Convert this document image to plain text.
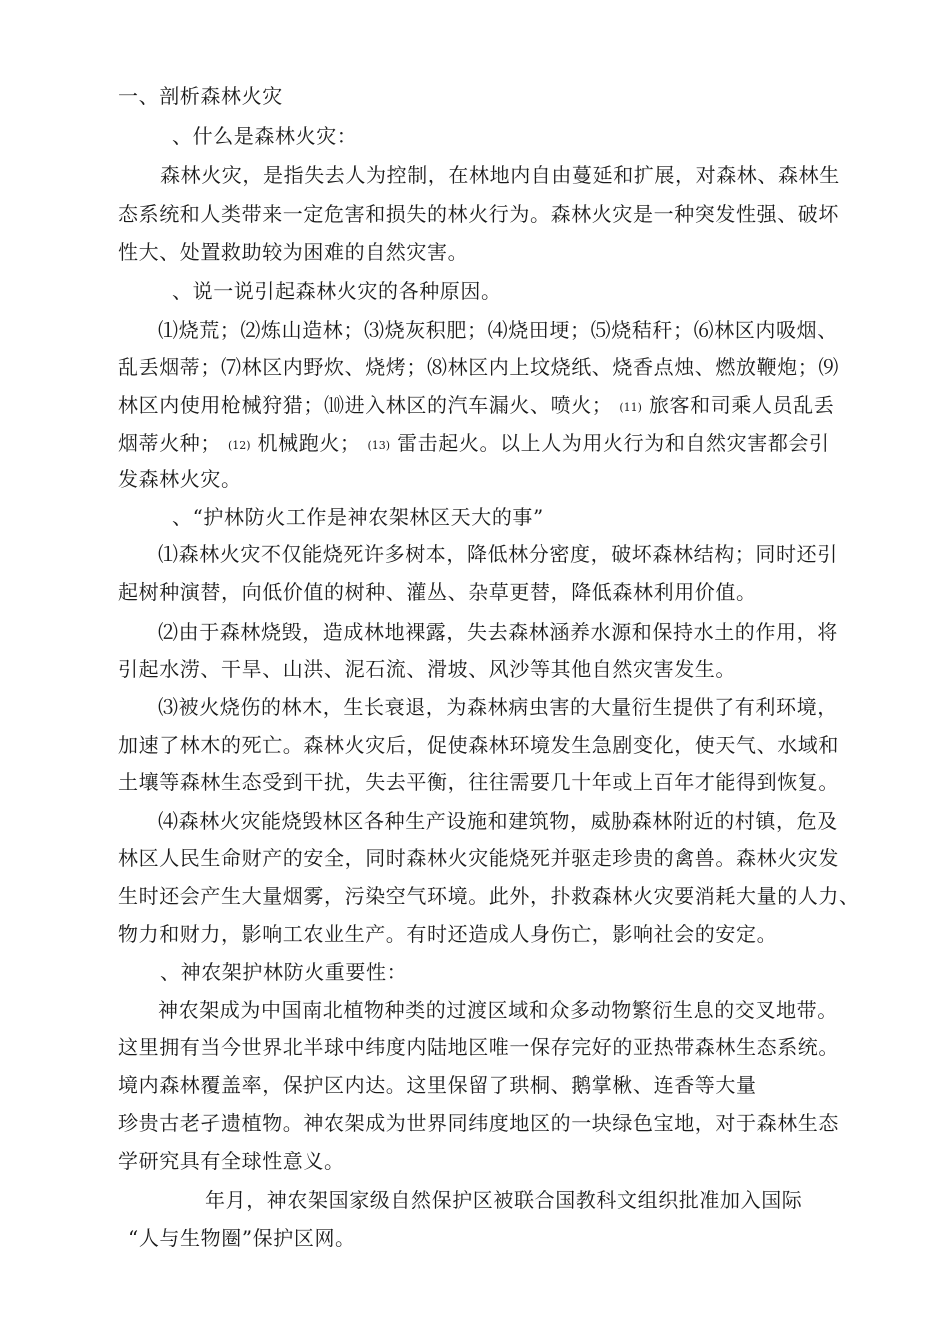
一、剖析森林火灾
、什么是森林火灾：
森林火灾，是指失去人为控制，在林地内自由蔓延和扩展，对森林、森林生
态系统和人类带来一定危害和损失的林火行为。森林火灾是一种突发性强、破坏
性大、处置救助较为困难的自然灾害。
、说一说引起森林火灾的各种原因。
⑴烧荒；⑵炼山造林；⑶烧灰积肥；⑷烧田埂；⑸烧秸秆；⑹林区内吸烟、
乱丢烟蒂；⑺林区内野炊、烧烤；⑻林区内上坟烧纸、烧香点烛、燃放鞭炮；⑼
林区内使用枪械狩猎；⑽进入林区的汽车漏火、喷火； (11) 旅客和司乘人员乱丢
烟蒂火种； (12) 机械跑火； (13) 雷击起火。以上人为用火行为和自然灾害都会引
发森林火灾。
、“护林防火工作是神农架林区天大的事”
⑴森林火灾不仅能烧死许多树本，降低林分密度，破坏森林结构；同时还引
起树种演替，向低价值的树种、灌丛、杂草更替，降低森林利用价值。
⑵由于森林烧毁，造成林地裸露，失去森林涵养水源和保持水土的作用，将
引起水涝、干旱、山洪、泥石流、滑坡、风沙等其他自然灾害发生。
⑶被火烧伤的林木，生长衰退，为森林病虫害的大量衍生提供了有利环境，
加速了林木的死亡。森林火灾后，促使森林环境发生急剧变化，使天气、水域和
土壤等森林生态受到干扰，失去平衡，往往需要几十年或上百年才能得到恢复。
⑷森林火灾能烧毁林区各种生产设施和建筑物，威胁森林附近的村镇，危及
林区人民生命财产的安全，同时森林火灾能烧死并驱走珍贵的禽兽。森林火灾发
生时还会产生大量烟雾，污染空气环境。此外，扑救森林火灾要消耗大量的人力、
物力和财力，影响工农业生产。有时还造成人身伤亡，影响社会的安定。
、神农架护林防火重要性：
神农架成为中国南北植物种类的过渡区域和众多动物繁衍生息的交叉地带。
这里拥有当今世界北半球中纬度内陆地区唯一保存完好的亚热带森林生态系统。
境内森林覆盖率，保护区内达。这里保留了珙桐、鹅掌楸、连香等大量
珍贵古老孑遗植物。神农架成为世界同纬度地区的一块绿色宝地，对于森林生态
学研究具有全球性意义。
年月，神农架国家级自然保护区被联合国教科文组织批准加入国际
“人与生物圈”保护区网。
